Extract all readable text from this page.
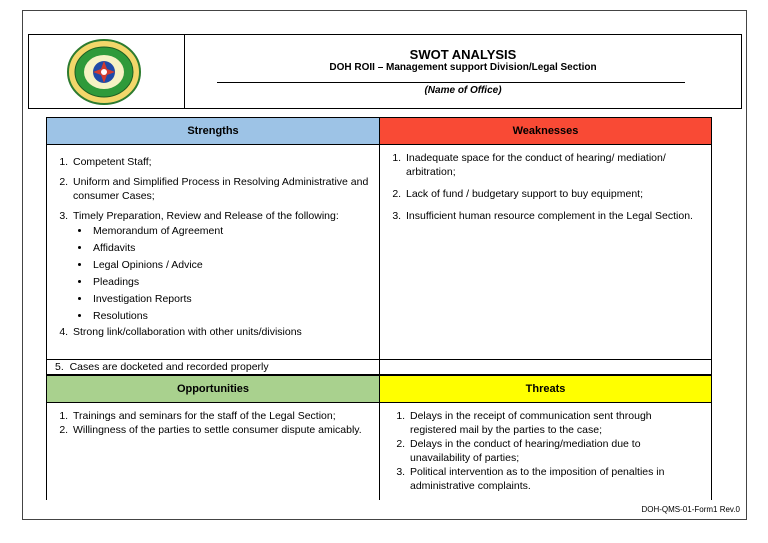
SWOT ANALYSIS
DOH ROII – Management support Division/Legal Section
(Name of Office)
Strengths	Weaknesses
1. Competent Staff;
2. Uniform and Simplified Process in Resolving Administrative and consumer Cases;
3. Timely Preparation, Review and Release of the following:
• Memorandum of Agreement
• Affidavits
• Legal Opinions / Advice
• Pleadings
• Investigation Reports
• Resolutions
4. Strong link/collaboration with other units/divisions
1. Inadequate space for the conduct of hearing/ mediation/ arbitration;
2. Lack of fund / budgetary support to buy equipment;
3. Insufficient human resource complement in the Legal Section.
5.  Cases are docketed and recorded properly
Opportunities	Threats
1. Trainings and seminars for the staff of the Legal Section;
2. Willingness of the parties to settle consumer dispute amicably.
1. Delays in the receipt of communication sent through registered mail by the parties to the case;
2. Delays in the conduct of hearing/mediation due to unavailability of parties;
3. Political intervention as to the imposition of penalties in administrative complaints.
DOH-QMS-01-Form1 Rev.0
